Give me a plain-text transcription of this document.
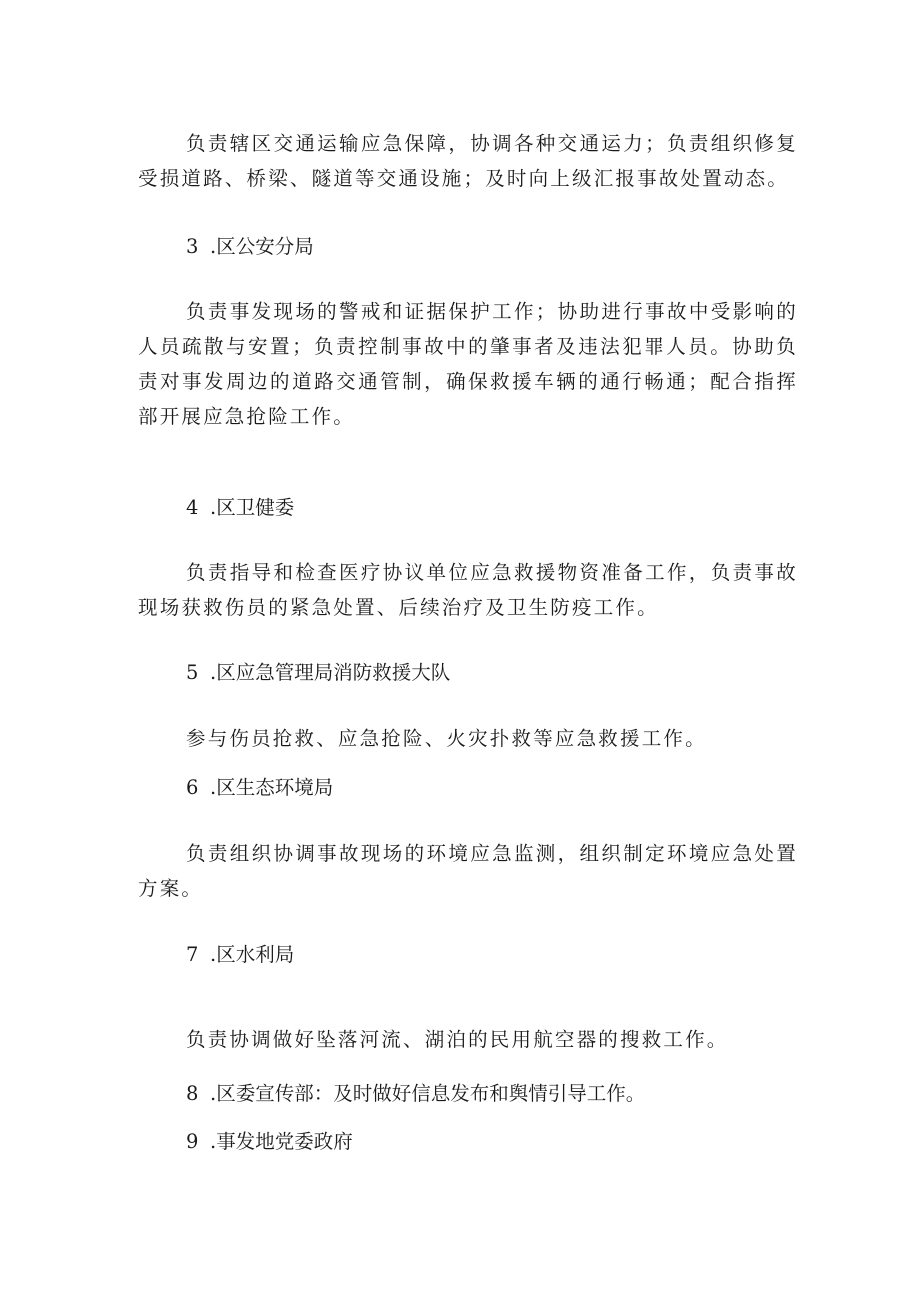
负责辖区交通运输应急保障，协调各种交通运力；负责组织修复受损道路、桥梁、隧道等交通设施；及时向上级汇报事故处置动态。
3 .区公安分局
负责事发现场的警戒和证据保护工作；协助进行事故中受影响的人员疏散与安置；负责控制事故中的肇事者及违法犯罪人员。协助负责对事发周边的道路交通管制，确保救援车辆的通行畅通；配合指挥部开展应急抢险工作。
4 .区卫健委
负责指导和检查医疗协议单位应急救援物资准备工作，负责事故现场获救伤员的紧急处置、后续治疗及卫生防疫工作。
5 .区应急管理局消防救援大队
参与伤员抢救、应急抢险、火灾扑救等应急救援工作。
6 .区生态环境局
负责组织协调事故现场的环境应急监测，组织制定环境应急处置方案。
7 .区水利局
负责协调做好坠落河流、湖泊的民用航空器的搜救工作。
8 .区委宣传部：及时做好信息发布和舆情引导工作。
9 .事发地党委政府
